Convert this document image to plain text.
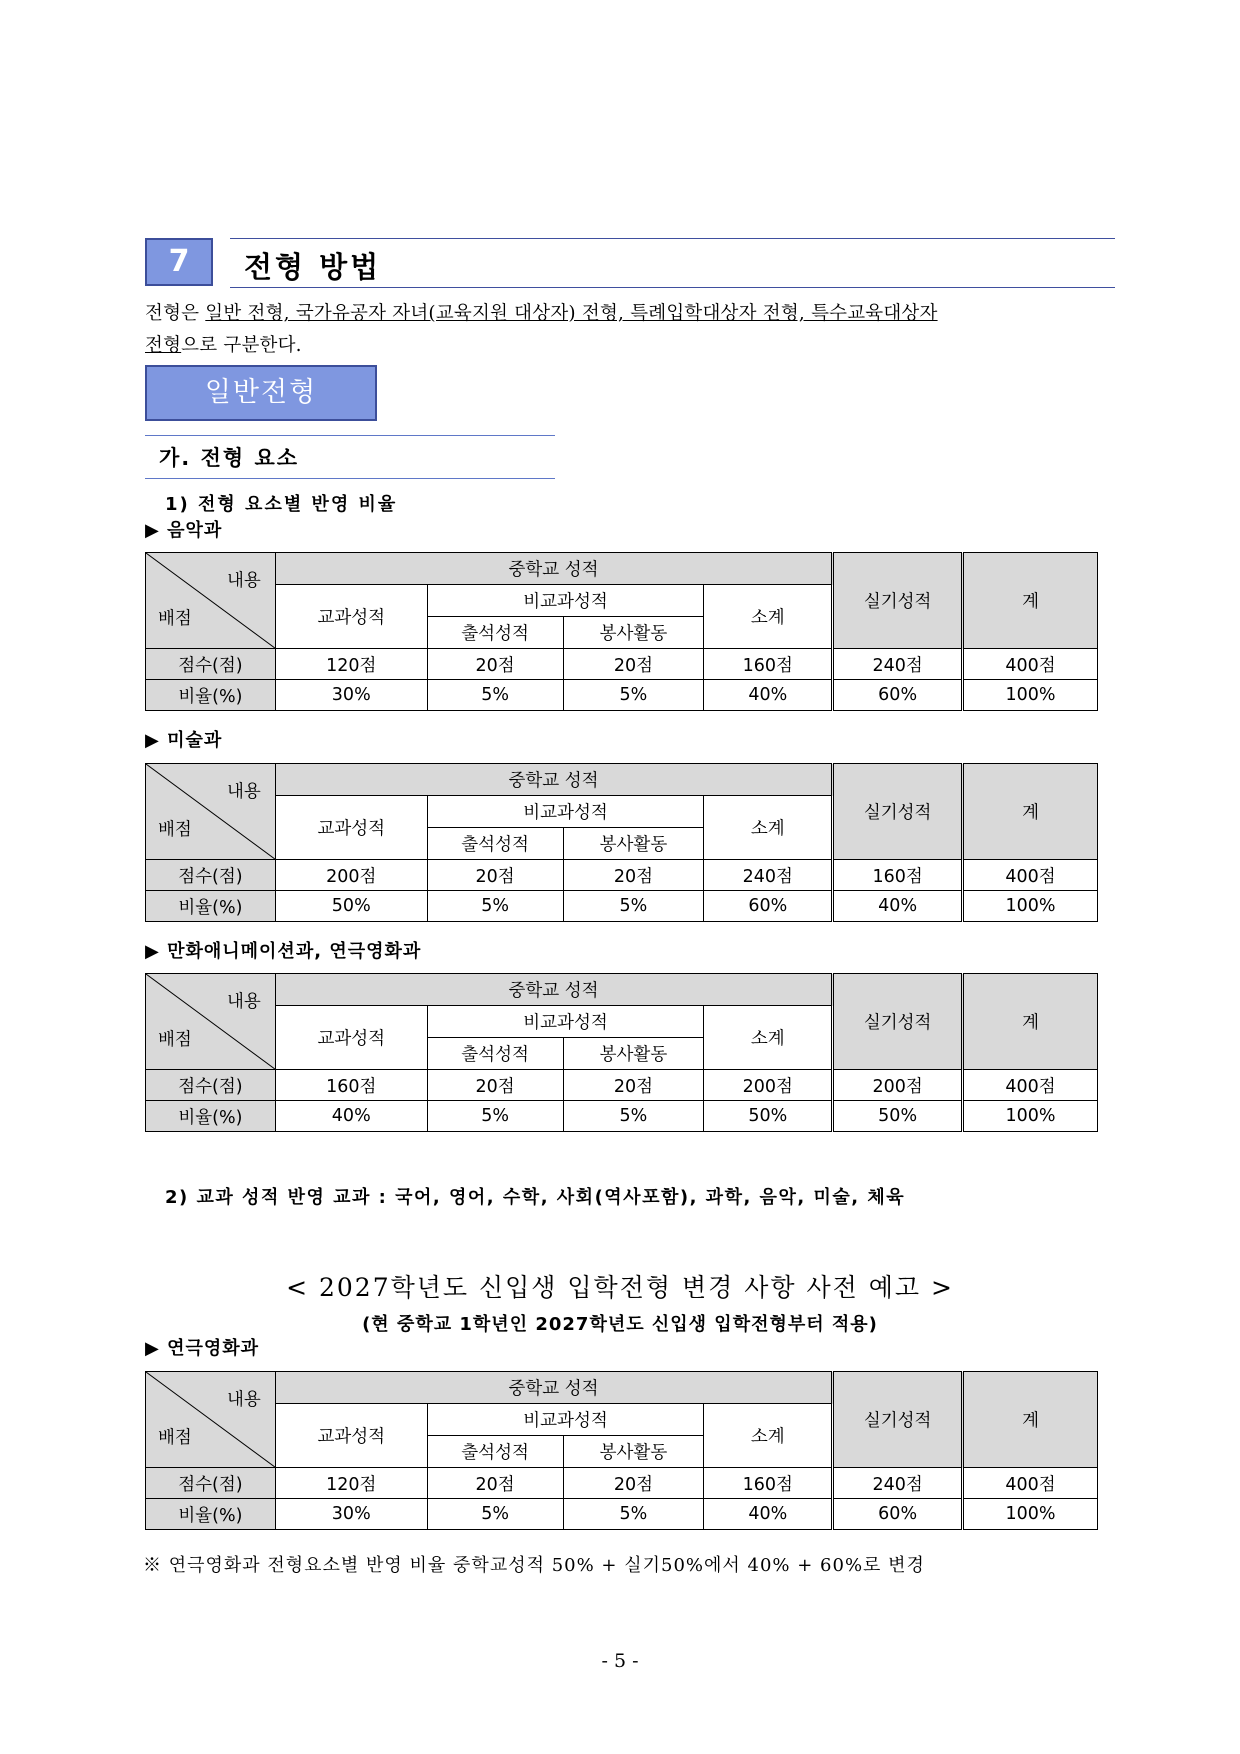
7	전형 방법
전형은 일반 전형, 국가유공자 자녀(교육지원 대상자) 전형, 특례입학대상자 전형, 특수교육대상자
전형으로 구분한다.
일반전형
가. 전형 요소
1) 전형 요소별 반영 비율
▶ 음악과
내용
배점	중학교 성적				실기성적	계
	교과성적	비교과성적		소계		
		출석성적	봉사활동			
점수(점)	120점	20점	20점	160점	240점	400점
비율(%)	30%	5%	5%	40%	60%	100%
▶ 미술과
내용
배점	중학교 성적				실기성적	계
	교과성적	비교과성적		소계		
		출석성적	봉사활동			
점수(점)	200점	20점	20점	240점	160점	400점
비율(%)	50%	5%	5%	60%	40%	100%
▶ 만화애니메이션과, 연극영화과
내용
배점	중학교 성적				실기성적	계
	교과성적	비교과성적		소계		
		출석성적	봉사활동			
점수(점)	160점	20점	20점	200점	200점	400점
비율(%)	40%	5%	5%	50%	50%	100%
▶ 연극영화과
내용
배점	중학교 성적				실기성적	계
	교과성적	비교과성적		소계		
		출석성적	봉사활동			
점수(점)	120점	20점	20점	160점	240점	400점
비율(%)	30%	5%	5%	40%	60%	100%
2) 교과 성적 반영 교과 : 국어, 영어, 수학, 사회(역사포함), 과학, 음악, 미술, 체육
< 2027학년도 신입생 입학전형 변경 사항 사전 예고 >
(현 중학교 1학년인 2027학년도 신입생 입학전형부터 적용)
※ 연극영화과 전형요소별 반영 비율 중학교성적 50% + 실기50%에서 40% + 60%로 변경
- 5 -
